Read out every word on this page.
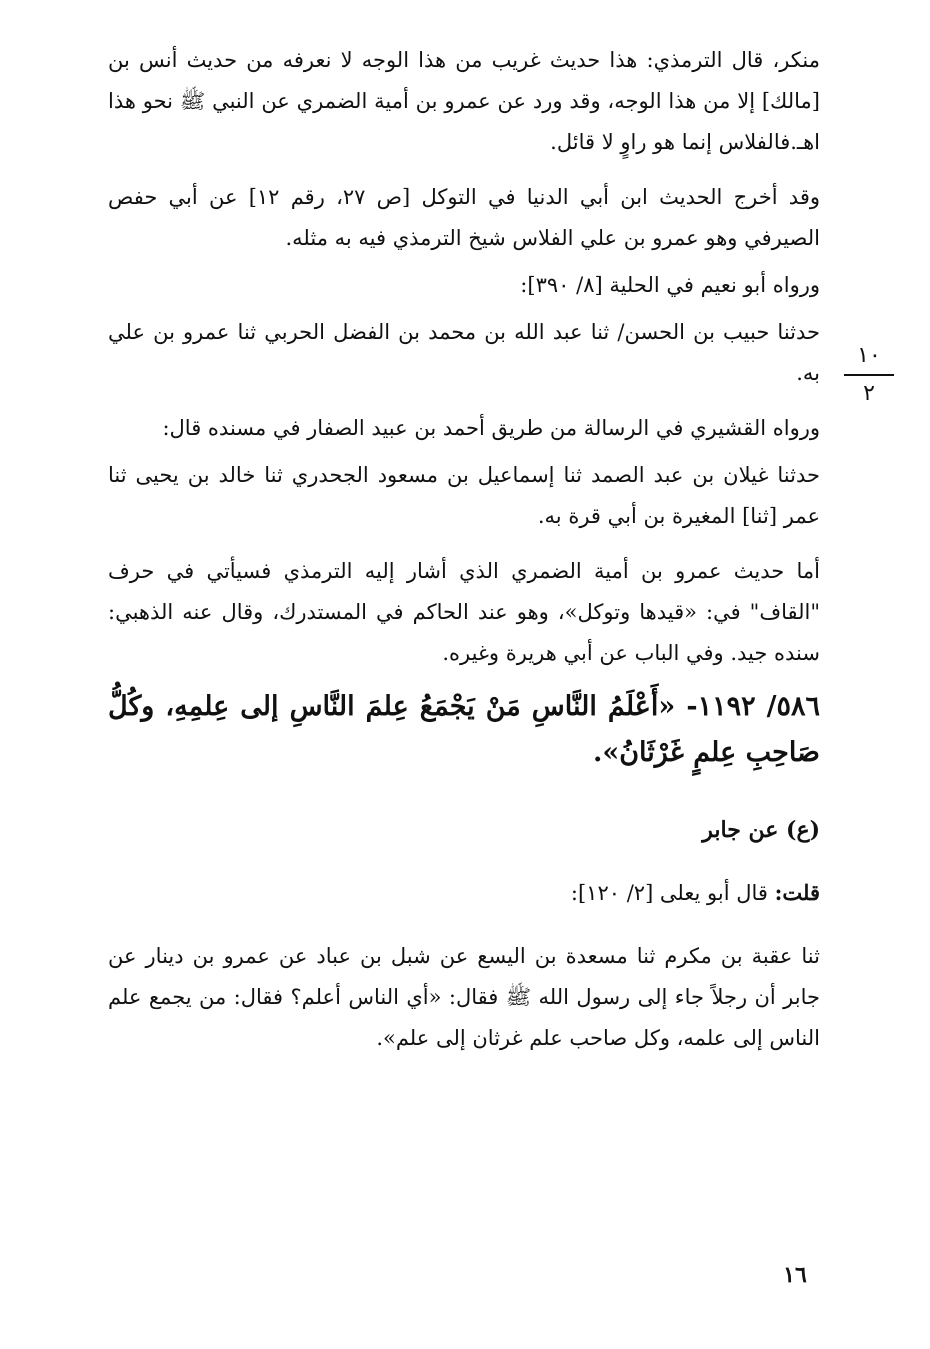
منكر، قال الترمذي: هذا حديث غريب من هذا الوجه لا نعرفه من حديث أنس بن [مالك] إلا من هذا الوجه، وقد ورد عن عمرو بن أمية الضمري عن النبي ﷺ نحو هذا اهـ.فالفلاس إنما هو راوٍ لا قائل.

وقد أخرج الحديث ابن أبي الدنيا في التوكل [ص ٢٧، رقم ١٢] عن أبي حفص الصيرفي وهو عمرو بن علي الفلاس شيخ الترمذي فيه به مثله.

ورواه أبو نعيم في الحلية [٨/ ٣٩٠]:

حدثنا حبيب بن الحسن/ ثنا عبد الله بن محمد بن الفضل الحربي ثنا عمرو بن علي به.

ورواه القشيري في الرسالة من طريق أحمد بن عبيد الصفار في مسنده قال:

حدثنا غيلان بن عبد الصمد ثنا إسماعيل بن مسعود الجحدري ثنا خالد بن يحيى ثنا عمر [ثنا] المغيرة بن أبي قرة به.

أما حديث عمرو بن أمية الضمري الذي أشار إليه الترمذي فسيأتي في حرف "القاف" في: «قيدها وتوكل»، وهو عند الحاكم في المستدرك، وقال عنه الذهبي: سنده جيد. وفي الباب عن أبي هريرة وغيره.

٥٨٦/ ١١٩٢- «أَعْلَمُ النَّاسِ مَنْ يَجْمَعُ عِلمَ النَّاسِ إلى عِلمِهِ، وكُلُّ صَاحِبِ عِلمٍ غَرْثَانُ».

(ع) عن جابر

قلت: قال أبو يعلى [٢/ ١٢٠]:

ثنا عقبة بن مكرم ثنا مسعدة بن اليسع عن شبل بن عباد عن عمرو بن دينار عن جابر أن رجلاً جاء إلى رسول الله ﷺ فقال: «أي الناس أعلم؟ فقال: من يجمع علم الناس إلى علمه، وكل صاحب علم غرثان إلى علم».

١٠
٢
١٦
